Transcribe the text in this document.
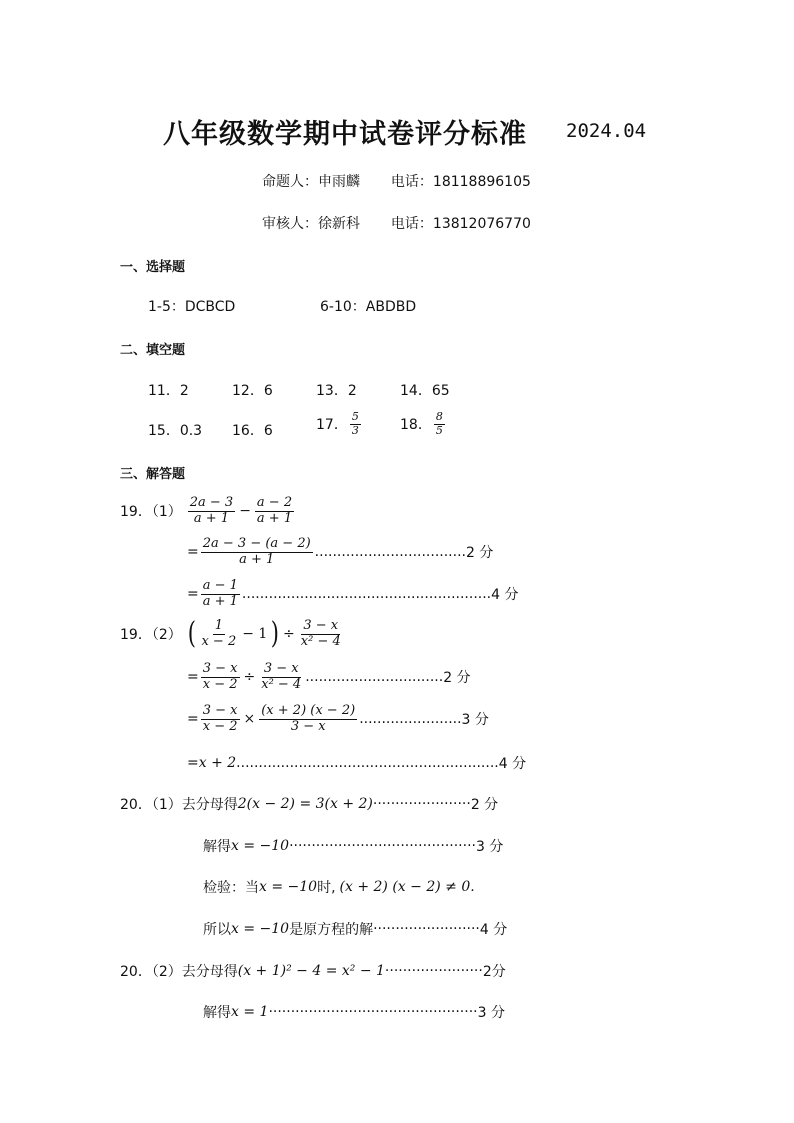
八年级数学期中试卷评分标准 2024.04
命题人：申雨麟 电话：18118896105
审核人：徐新科 电话：13812076770
一、选择题
1-5：DCBCD	6-10：ABDBD
二、填空题
11．2	12．6	13．2	14．65
15．0.3 16．6	17． $\frac{5}{3}$	18． $\frac{8}{5}$
三、解答题
19．$(1) \frac{2a - 3}{a + 1} - \frac{a - 2}{a + 1}$
= $\frac{2a - 3 - (a - 2)}{a + 1}$ .................................. 2 分
= $\frac{a - 1}{a + 1}$ ........................................................ 4 分
19．（2） ( $\frac{1}{x - 2} - 1$ ) ÷ $\frac{3 - x}{\text{x² − 4}}$
= $\frac{3 - x}{x - 2} \div \frac{3 - x}{\text{x² − 4}}$ ............................... 2 分
= $\frac{3 - x}{x - 2} \times \frac{(x + 2) (x - 2)}{3 - x}$ ....................... 3 分
=x + 2 ........................................................... 4 分
20．（1） 去分母得 2(x − 2) = 3(x + 2) ······················ 2 分
解得 x = −10 ·········································· 3 分
检验：当 x = −10 时, (x + 2) (x − 2) ≠ 0.
所以 x = −10 是原方程的解 ························ 4 分
20．（2） 去分母得 (x + 1)² − 4 = x² − 1 ······················ 2分
解得 x = 1 ··············································· 3 分
